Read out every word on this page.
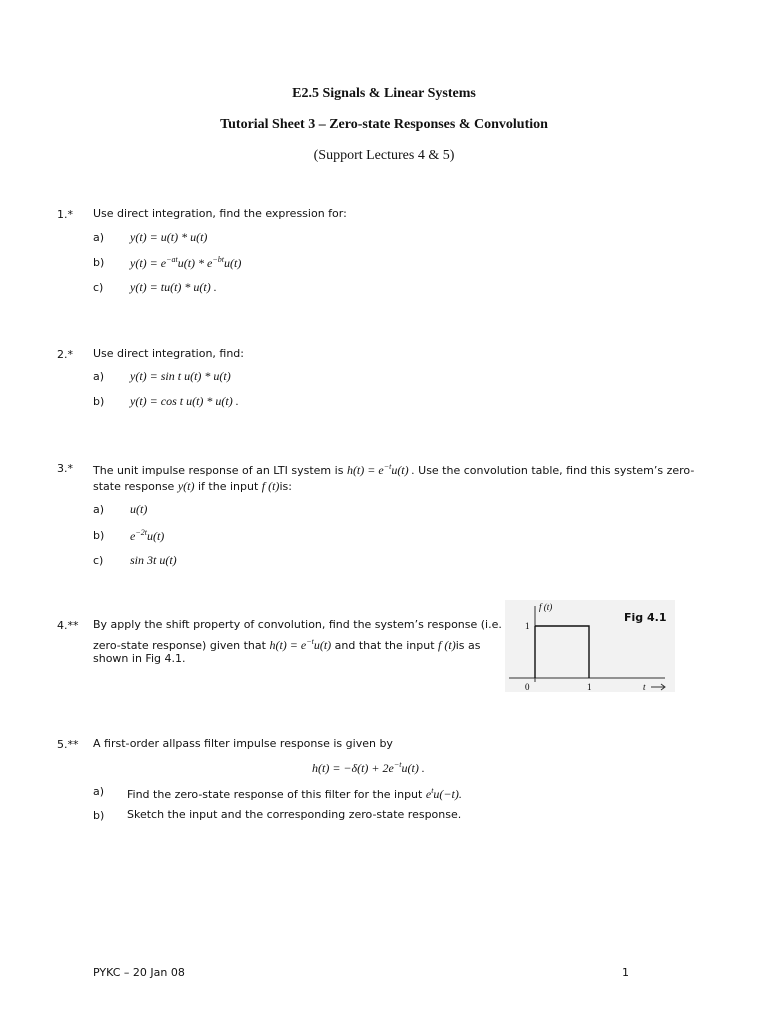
E2.5 Signals & Linear Systems
Tutorial Sheet 3 – Zero-state Responses & Convolution
(Support Lectures 4 & 5)
1.* Use direct integration, find the expression for:
a) y(t) = u(t) * u(t)
b) $y(t) = e^{-at}u(t) * e^{-bt}u(t)$
c) y(t) = tu(t) * u(t) .
2.* Use direct integration, find:
a) y(t) = sin t u(t) * u(t)
b) y(t) = cos t u(t) * u(t) .
3.* The unit impulse response of an LTI system is $h(t) = e^{-t}u(t)$ . Use the convolution table, find this system’s zero-
state response y(t) if the input f (t)is:
a) u(t)
b) $e^{-2t}u(t)$
c) sin 3t u(t)
4.** By apply the shift property of convolution, find the system’s response (i.e.
zero-state response) given that $h(t) = e^{-t}u(t)$ and that the input f (t)is as
shown in Fig 4.1.
f (t)
1
0	1	t
Fig 4.1
5.** A first-order allpass filter impulse response is given by
$h(t) = -\delta(t) + 2e^{-t}u(t)$ .
a) Find the zero-state response of this filter for the input $e^tu(-t)$.
b) Sketch the input and the corresponding zero-state response.
PYKC – 20 Jan 08	1
